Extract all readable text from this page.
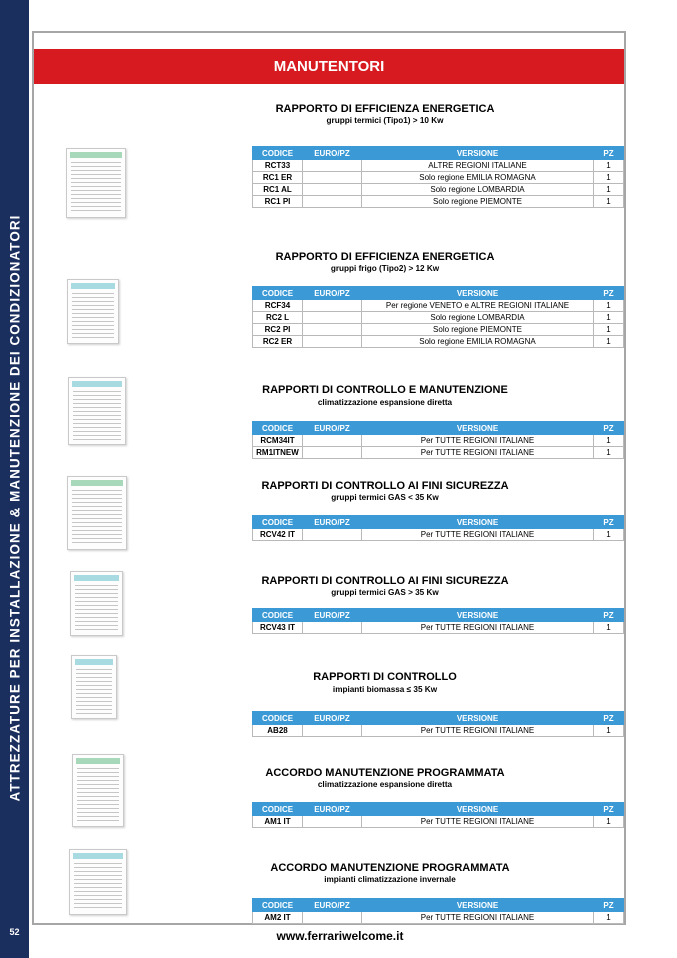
ATTREZZATURE PER INSTALLAZIONE & MANUTENZIONE DEI CONDIZIONATORI
52
MANUTENTORI
RAPPORTO DI EFFICIENZA ENERGETICA
gruppi termici (Tipo1) > 10 Kw
CODICE	EURO/PZ	VERSIONE	PZ
RCT33		ALTRE REGIONI ITALIANE	1
RC1 ER		Solo regione EMILIA ROMAGNA	1
RC1 AL		Solo regione LOMBARDIA	1
RC1 PI		Solo regione PIEMONTE	1
RAPPORTO DI EFFICIENZA ENERGETICA
gruppi frigo (Tipo2) > 12 Kw
CODICE	EURO/PZ	VERSIONE	PZ
RCF34		Per regione VENETO e ALTRE REGIONI ITALIANE	1
RC2 L		Solo regione LOMBARDIA	1
RC2 PI		Solo regione PIEMONTE	1
RC2 ER		Solo regione EMILIA ROMAGNA	1
RAPPORTI DI CONTROLLO E MANUTENZIONE
climatizzazione espansione diretta
CODICE	EURO/PZ	VERSIONE	PZ
RCM34IT		Per TUTTE REGIONI ITALIANE	1
RM1ITNEW		Per TUTTE REGIONI ITALIANE	1
RAPPORTI DI CONTROLLO AI FINI SICUREZZA
gruppi termici GAS < 35 Kw
CODICE	EURO/PZ	VERSIONE	PZ
RCV42 IT		Per TUTTE REGIONI ITALIANE	1
RAPPORTI DI CONTROLLO AI FINI SICUREZZA
gruppi termici GAS > 35 Kw
CODICE	EURO/PZ	VERSIONE	PZ
RCV43 IT		Per TUTTE REGIONI ITALIANE	1
RAPPORTI DI CONTROLLO
impianti biomassa ≤ 35 Kw
CODICE	EURO/PZ	VERSIONE	PZ
AB28		Per TUTTE REGIONI ITALIANE	1
ACCORDO MANUTENZIONE PROGRAMMATA
climatizzazione espansione diretta
CODICE	EURO/PZ	VERSIONE	PZ
AM1 IT		Per TUTTE REGIONI ITALIANE	1
ACCORDO MANUTENZIONE PROGRAMMATA
impianti climatizzazione invernale
CODICE	EURO/PZ	VERSIONE	PZ
AM2 IT		Per TUTTE REGIONI ITALIANE	1
www.ferrariwelcome.it
